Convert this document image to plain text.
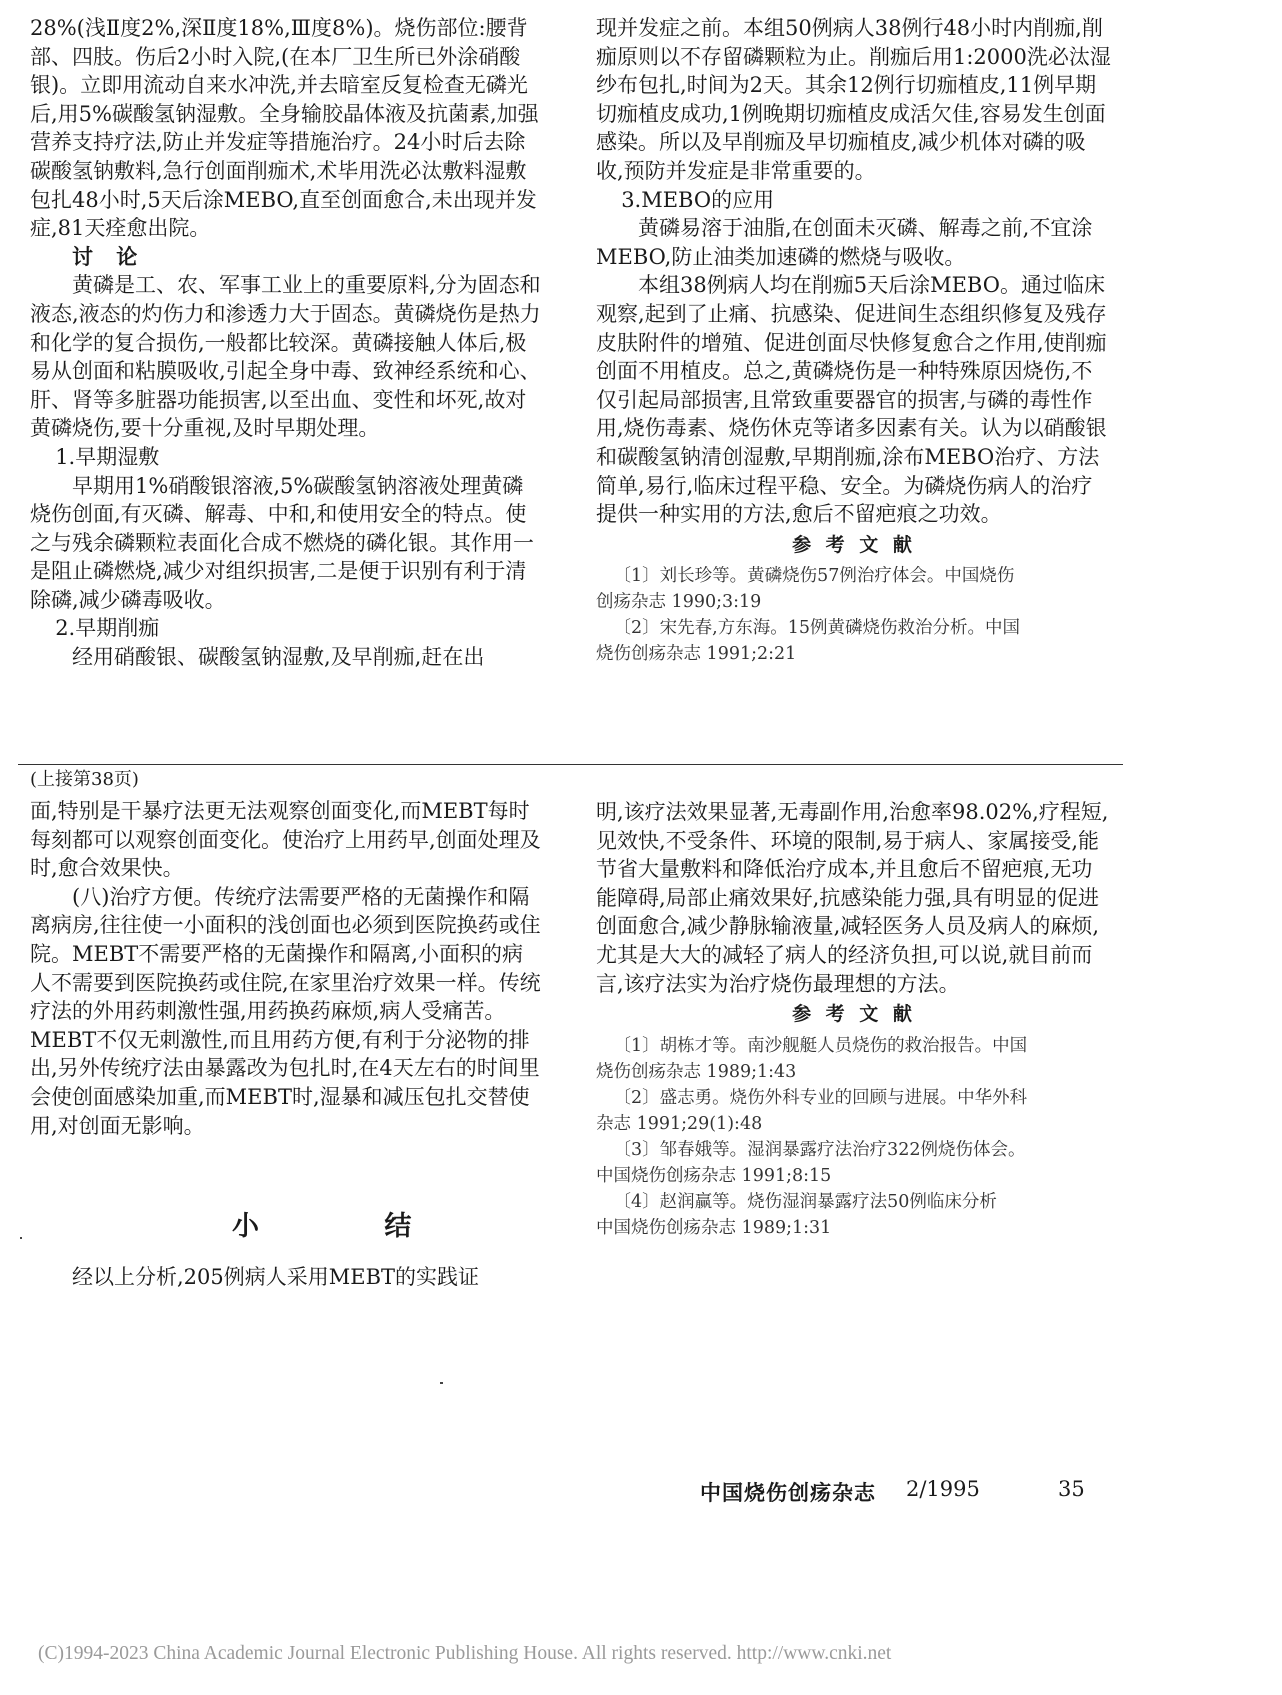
28%(浅Ⅱ度2%,深Ⅱ度18%,Ⅲ度8%)。烧伤部位:腰背部、四肢。伤后2小时入院,(在本厂卫生所已外涂硝酸银)。立即用流动自来水冲洗,并去暗室反复检查无磷光后,用5%碳酸氢钠湿敷。全身输胶晶体液及抗菌素,加强营养支持疗法,防止并发症等措施治疗。24小时后去除碳酸氢钠敷料,急行创面削痂术,术毕用洗必汰敷料湿敷包扎48小时,5天后涂MEBO,直至创面愈合,未出现并发症,81天痊愈出院。

讨 论

黄磷是工、农、军事工业上的重要原料,分为固态和液态,液态的灼伤力和渗透力大于固态。黄磷烧伤是热力和化学的复合损伤,一般都比较深。黄磷接触人体后,极易从创面和粘膜吸收,引起全身中毒、致神经系统和心、肝、肾等多脏器功能损害,以至出血、变性和坏死,故对黄磷烧伤,要十分重视,及时早期处理。

1.早期湿敷

早期用1%硝酸银溶液,5%碳酸氢钠溶液处理黄磷烧伤创面,有灭磷、解毒、中和,和使用安全的特点。使之与残余磷颗粒表面化合成不燃烧的磷化银。其作用一是阻止磷燃烧,减少对组织损害,二是便于识别有利于清除磷,减少磷毒吸收。

2.早期削痂

经用硝酸银、碳酸氢钠湿敷,及早削痂,赶在出

现并发症之前。本组50例病人38例行48小时内削痂,削痂原则以不存留磷颗粒为止。削痂后用1:2000洗必汰湿纱布包扎,时间为2天。其余12例行切痂植皮,11例早期切痂植皮成功,1例晚期切痂植皮成活欠佳,容易发生创面感染。所以及早削痂及早切痂植皮,减少机体对磷的吸收,预防并发症是非常重要的。

3.MEBO的应用

黄磷易溶于油脂,在创面未灭磷、解毒之前,不宜涂MEBO,防止油类加速磷的燃烧与吸收。

本组38例病人均在削痂5天后涂MEBO。通过临床观察,起到了止痛、抗感染、促进间生态组织修复及残存皮肤附件的增殖、促进创面尽快修复愈合之作用,使削痂创面不用植皮。总之,黄磷烧伤是一种特殊原因烧伤,不仅引起局部损害,且常致重要器官的损害,与磷的毒性作用,烧伤毒素、烧伤休克等诸多因素有关。认为以硝酸银和碳酸氢钠清创湿敷,早期削痂,涂布MEBO治疗、方法简单,易行,临床过程平稳、安全。为磷烧伤病人的治疗提供一种实用的方法,愈后不留疤痕之功效。

参 考 文 献

〔1〕刘长珍等。黄磷烧伤57例治疗体会。中国烧伤
创疡杂志 1990;3:19

〔2〕宋先春,方东海。15例黄磷烧伤救治分析。中国
烧伤创疡杂志 1991;2:21

(上接第38页)

面,特别是干暴疗法更无法观察创面变化,而MEBT每时每刻都可以观察创面变化。使治疗上用药早,创面处理及时,愈合效果快。

(八)治疗方便。传统疗法需要严格的无菌操作和隔离病房,往往使一小面积的浅创面也必须到医院换药或住院。MEBT不需要严格的无菌操作和隔离,小面积的病人不需要到医院换药或住院,在家里治疗效果一样。传统疗法的外用药刺激性强,用药换药麻烦,病人受痛苦。MEBT不仅无刺激性,而且用药方便,有利于分泌物的排出,另外传统疗法由暴露改为包扎时,在4天左右的时间里会使创面感染加重,而MEBT时,湿暴和减压包扎交替使用,对创面无影响。

小 结
经以上分析,205例病人采用MEBT的实践证

明,该疗法效果显著,无毒副作用,治愈率98.02%,疗程短,见效快,不受条件、环境的限制,易于病人、家属接受,能节省大量敷料和降低治疗成本,并且愈后不留疤痕,无功能障碍,局部止痛效果好,抗感染能力强,具有明显的促进创面愈合,减少静脉输液量,减轻医务人员及病人的麻烦,尤其是大大的减轻了病人的经济负担,可以说,就目前而言,该疗法实为治疗烧伤最理想的方法。

参 考 文 献

〔1〕胡栋才等。南沙舰艇人员烧伤的救治报告。中国
烧伤创疡杂志 1989;1:43

〔2〕盛志勇。烧伤外科专业的回顾与进展。中华外科
杂志 1991;29(1):48

〔3〕邹春娥等。湿润暴露疗法治疗322例烧伤体会。
中国烧伤创疡杂志 1991;8:15

〔4〕赵润赢等。烧伤湿润暴露疗法50例临床分析
中国烧伤创疡杂志 1989;1:31

中国烧伤创疡杂志 2/1995	35
(C)1994-2023 China Academic Journal Electronic Publishing House. All rights reserved. http://www.cnki.net
